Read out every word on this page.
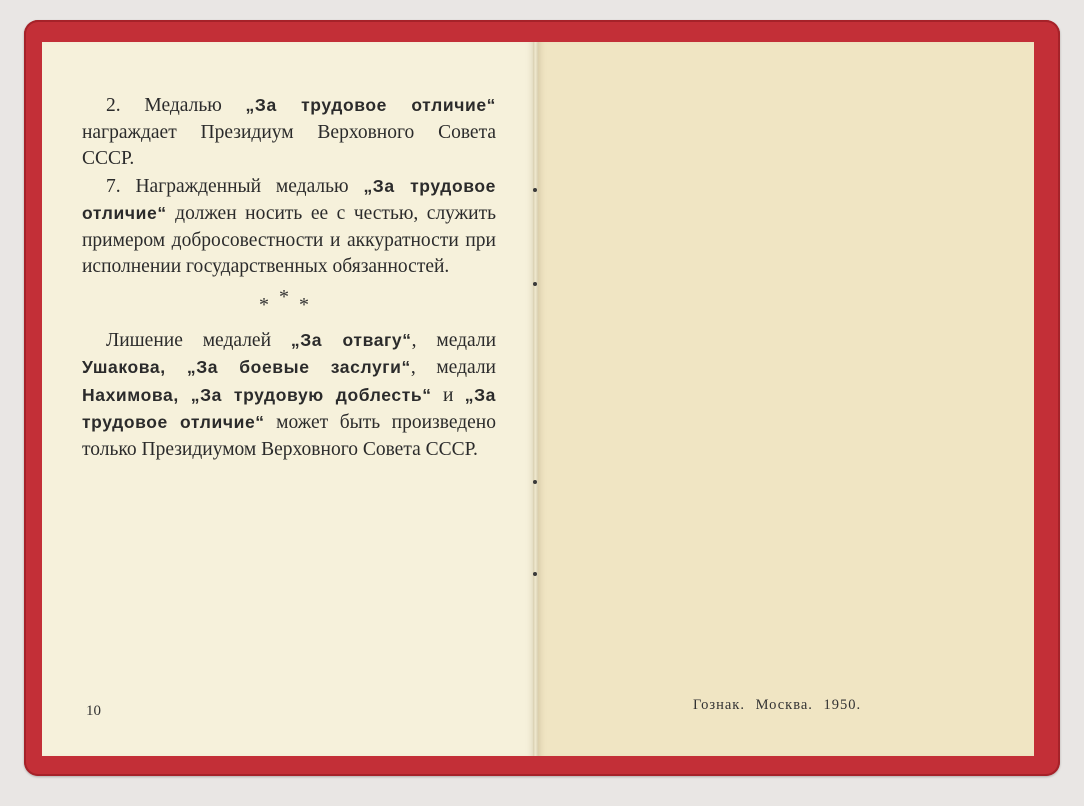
2. Медалью „За трудовое отличие“ награждает Президиум Верховного Совета СССР.

7. Награжденный медалью „За трудовое отличие“ должен носить ее с честью, служить примером добросовестности и аккуратности при исполнении государственных обязанностей.

***

Лишение медалей „За отвагу“, медали Ушакова, „За боевые заслуги“, медали Нахимова, „За трудовую доблесть“ и „За трудовое отличие“ может быть произведено только Президиумом Верховного Совета СССР.

10	Гознак. Москва. 1950.
